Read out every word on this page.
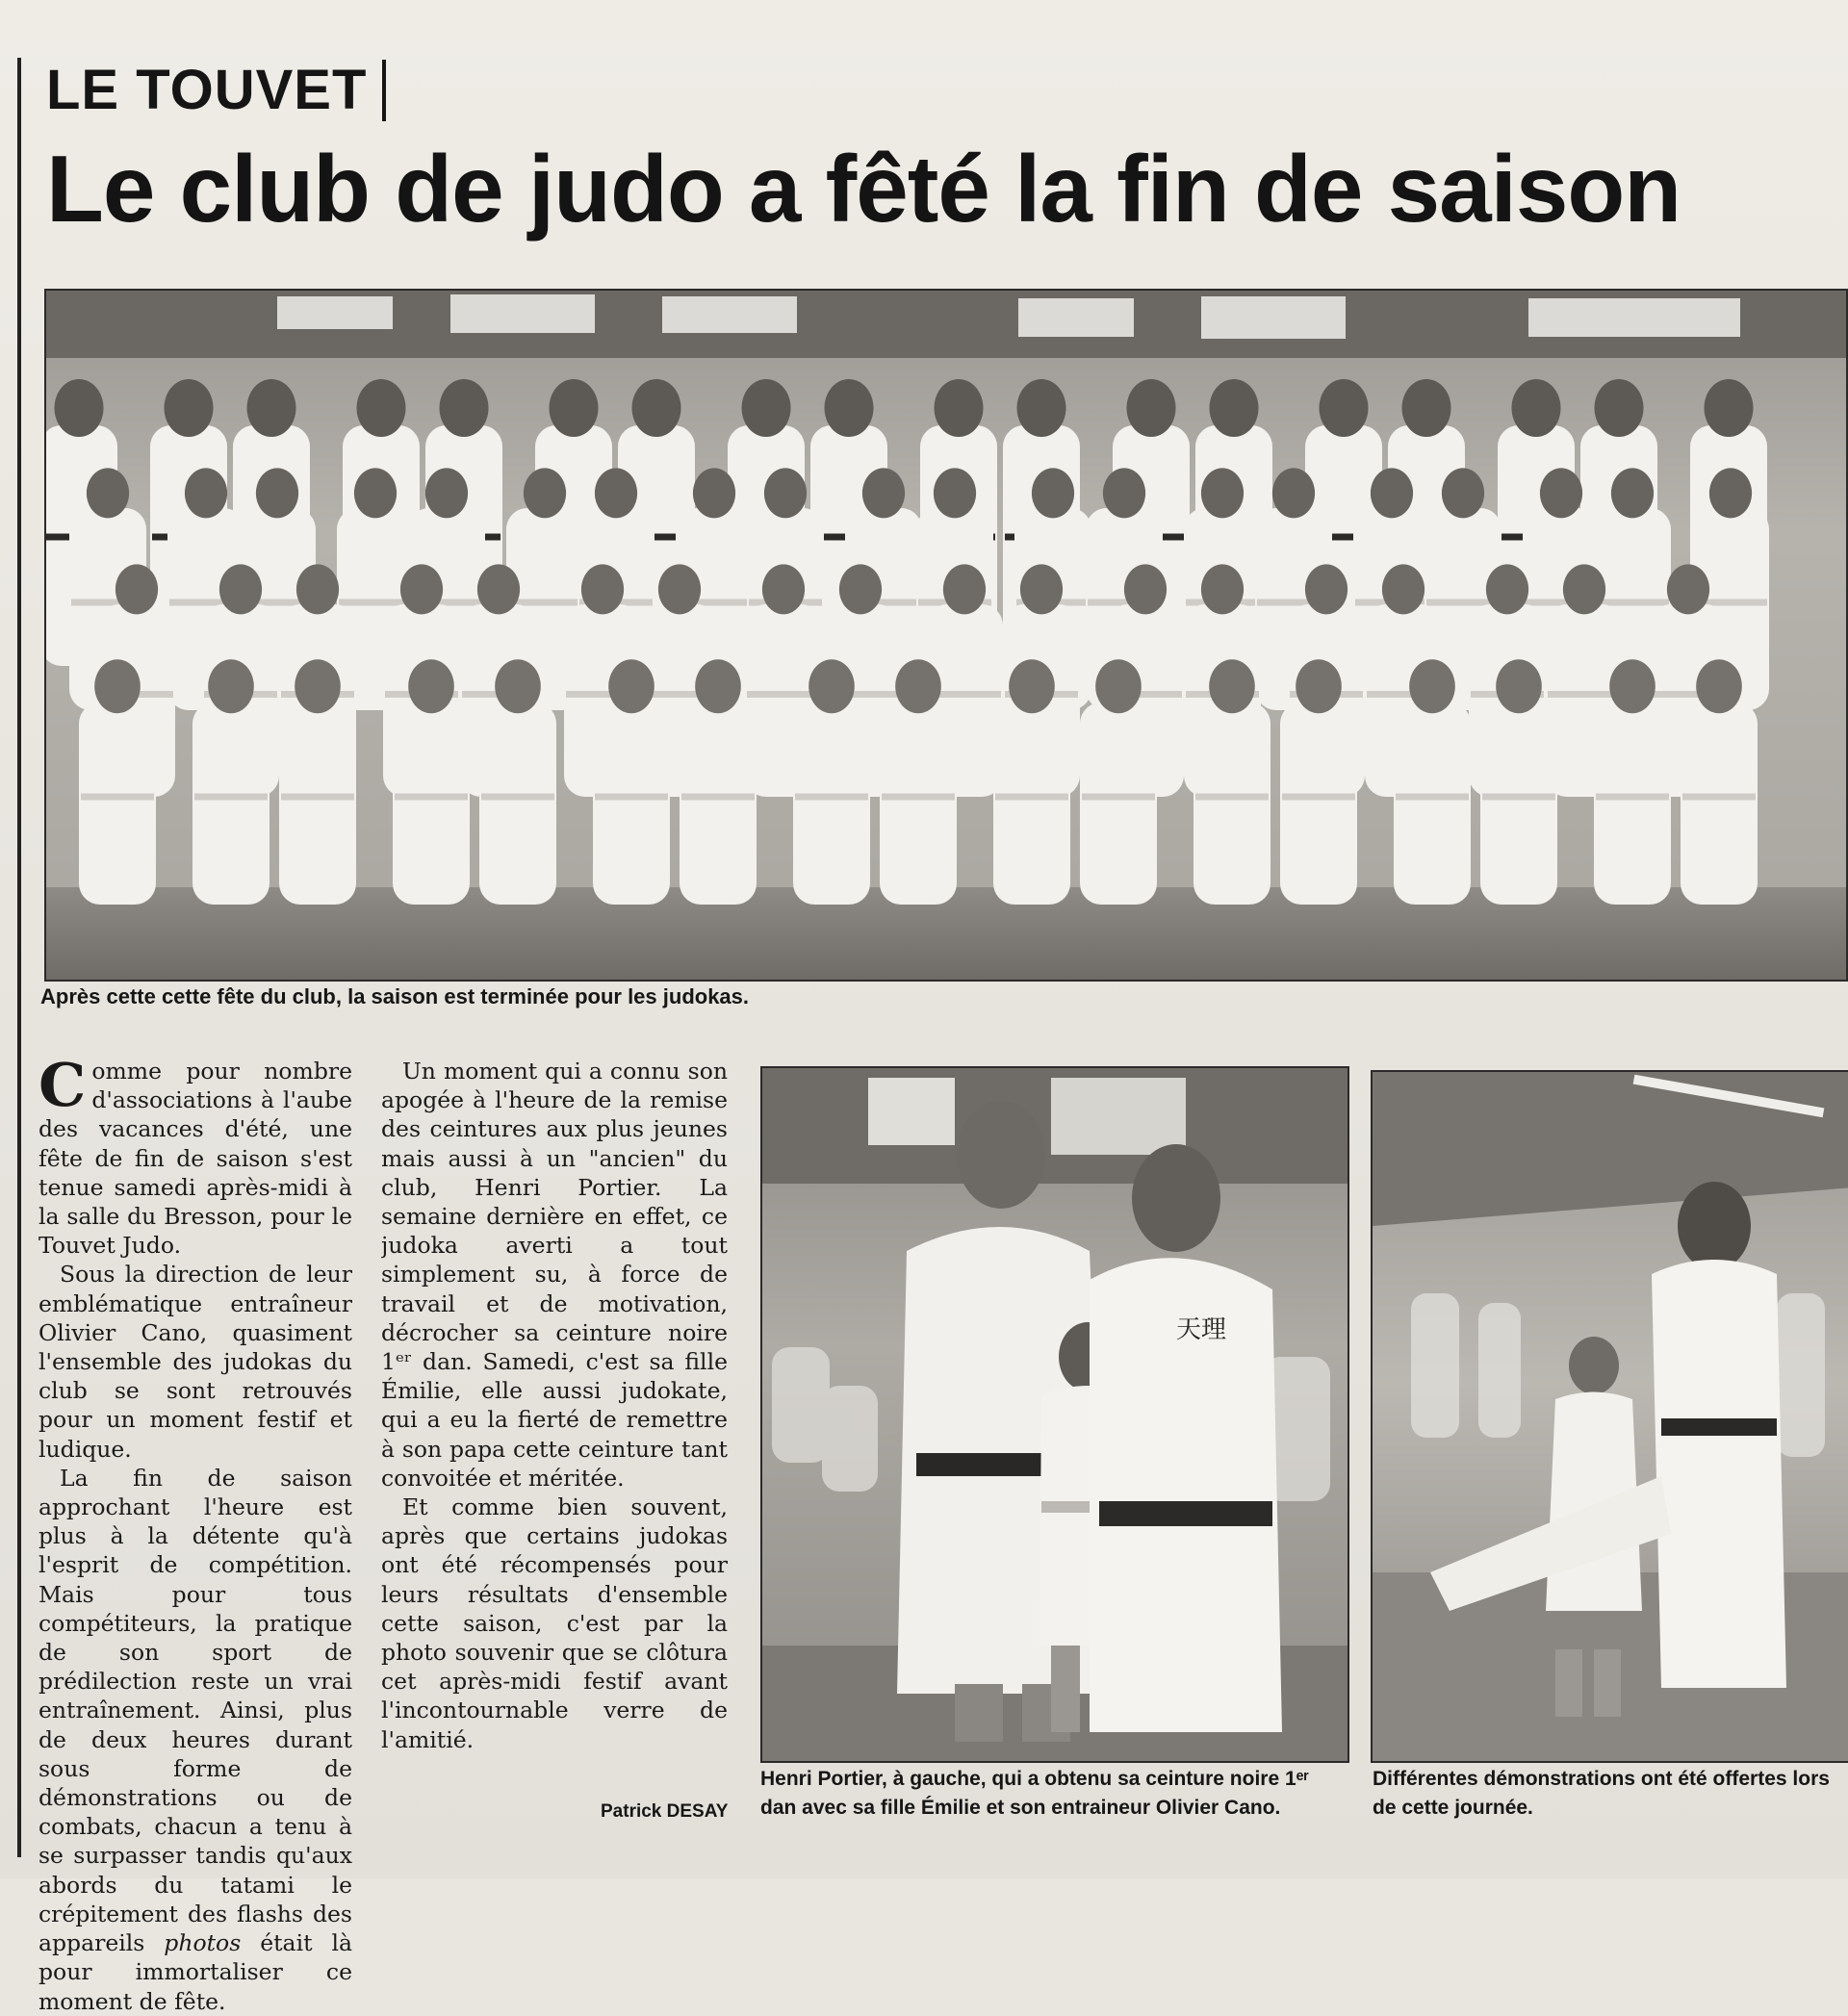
LE TOUVET
Le club de judo a fêté la fin de saison
Après cette cette fête du club, la saison est terminée pour les judokas.

Comme pour nombre d'associations à l'aube des vacances d'été, une fête de fin de saison s'est tenue samedi après-midi à la salle du Bresson, pour le Touvet Judo.

Sous la direction de leur emblématique entraîneur Olivier Cano, quasiment l'ensemble des judokas du club se sont retrouvés pour un moment festif et ludique.

La fin de saison approchant l'heure est plus à la détente qu'à l'esprit de compétition. Mais pour tous compétiteurs, la pratique de son sport de prédilection reste un vrai entraînement. Ainsi, plus de deux heures durant sous forme de démonstrations ou de combats, chacun a tenu à se surpasser tandis qu'aux abords du tatami le crépitement des flashs des appareils photos était là pour immortaliser ce moment de fête.

Un moment qui a connu son apogée à l'heure de la remise des ceintures aux plus jeunes mais aussi à un "ancien" du club, Henri Portier. La semaine dernière en effet, ce judoka averti a tout simplement su, à force de travail et de motivation, décrocher sa ceinture noire 1ᵉʳ dan. Samedi, c'est sa fille Émilie, elle aussi judokate, qui a eu la fierté de remettre à son papa cette ceinture tant convoitée et méritée.

Et comme bien souvent, après que certains judokas ont été récompensés pour leurs résultats d'ensemble cette saison, c'est par la photo souvenir que se clôtura cet après-midi festif avant l'incontournable verre de l'amitié.

Patrick DESAY
天理
Henri Portier, à gauche, qui a obtenu sa ceinture noire 1ᵉʳ
dan avec sa fille Émilie et son entraineur Olivier Cano.
Différentes démonstrations ont été offertes lors
de cette journée.
